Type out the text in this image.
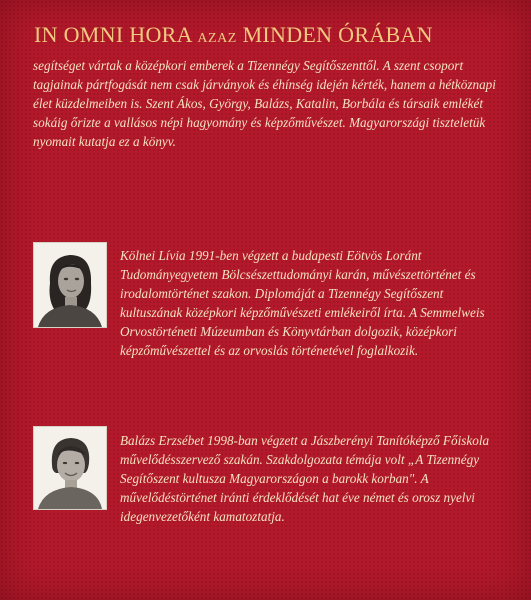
IN OMNI HORA AZAZ MINDEN ÓRÁBAN

segítséget vártak a középkori emberek a Tizennégy Segítőszenttől. A szent csoport tagjainak pártfogását nem csak járványok és éhínség idején kérték, hanem a hétköznapi élet küzdelmeiben is. Szent Ákos, György, Balázs, Katalin, Borbála és társaik emlékét sokáig őrizte a vallásos népi hagyomány és képzőművészet. Magyarországi tiszteletük nyomait kutatja ez a könyv.

Kölnei Lívia 1991-ben végzett a budapesti Eötvös Loránt Tudományegyetem Bölcsészettudományi karán, művészettörténet és irodalomtörténet szakon. Diplomáját a Tizennégy Segítőszent kultuszának középkori képzőművészeti emlékeiről írta. A Semmelweis Orvostörténeti Múzeumban és Könyvtárban dolgozik, középkori képzőművészettel és az orvoslás történetével foglalkozik.

Balázs Erzsébet 1998-ban végzett a Jászberényi Tanítóképző Főiskola művelődésszervező szakán. Szakdolgozata témája volt „A Tizennégy Segítőszent kultusza Magyarországon a barokk korban". A művelődéstörténet iránti érdeklődését hat éve német és orosz nyelvi idegenvezetőként kamatoztatja.
